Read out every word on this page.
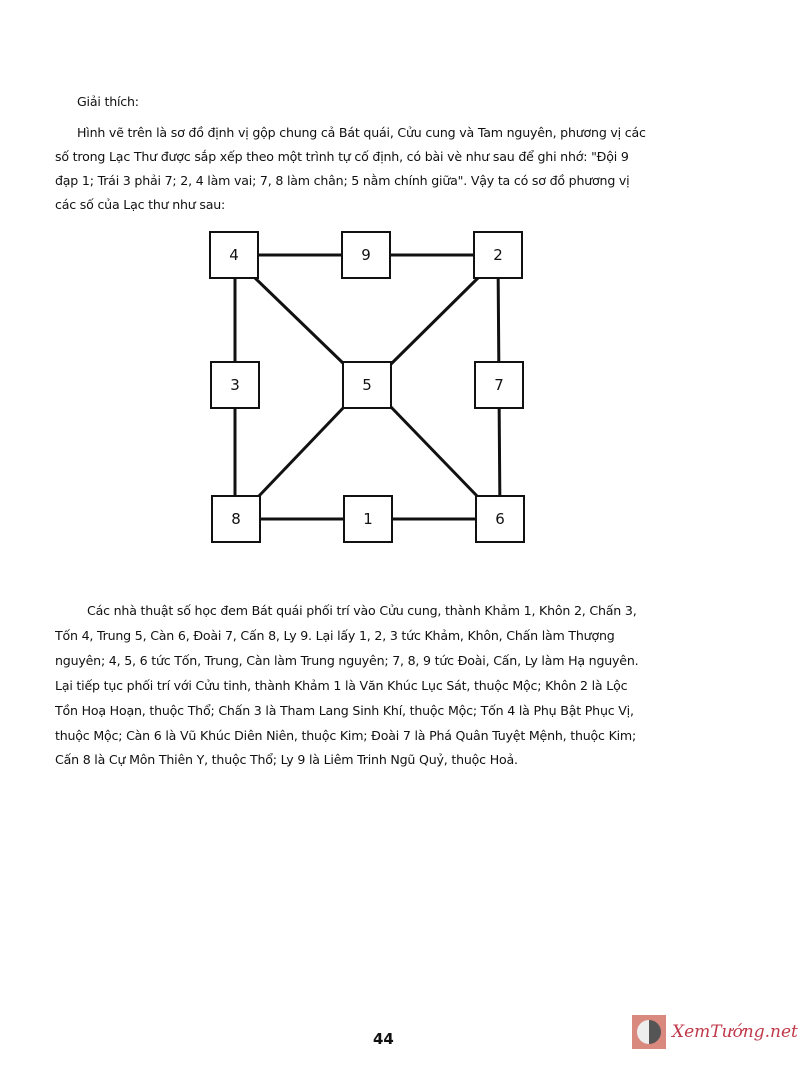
Giải thích:
Hình vẽ trên là sơ đồ định vị gộp chung cả Bát quái, Cửu cung và Tam nguyên, phương vị các
số trong Lạc Thư được sắp xếp theo một trình tự cố định, có bài vè như sau để ghi nhớ: "Đội 9
đạp 1; Trái 3 phải 7; 2, 4 làm vai; 7, 8 làm chân; 5 nằm chính giữa". Vậy ta có sơ đồ phương vị
các số của Lạc thư như sau:
4	9	2
3	5	7
8	1	6
Các nhà thuật số học đem Bát quái phối trí vào Cửu cung, thành Khảm 1, Khôn 2, Chấn 3,
Tốn 4, Trung 5, Càn 6, Đoài 7, Cấn 8, Ly 9. Lại lấy 1, 2, 3 tức Khảm, Khôn, Chấn làm Thượng
nguyên; 4, 5, 6 tức Tốn, Trung, Càn làm Trung nguyên; 7, 8, 9 tức Đoài, Cấn, Ly làm Hạ nguyên.
Lại tiếp tục phối trí với Cửu tinh, thành Khảm 1 là Văn Khúc Lục Sát, thuộc Mộc; Khôn 2 là Lộc
Tồn Hoạ Hoạn, thuộc Thổ; Chấn 3 là Tham Lang Sinh Khí, thuộc Mộc; Tốn 4 là Phụ Bật Phục Vị,
thuộc Mộc; Càn 6 là Vũ Khúc Diên Niên, thuộc Kim; Đoài 7 là Phá Quân Tuyệt Mệnh, thuộc Kim;
Cấn 8 là Cự Môn Thiên Y, thuộc Thổ; Ly 9 là Liêm Trinh Ngũ Quỷ, thuộc Hoả.
44	XemTướng.net
